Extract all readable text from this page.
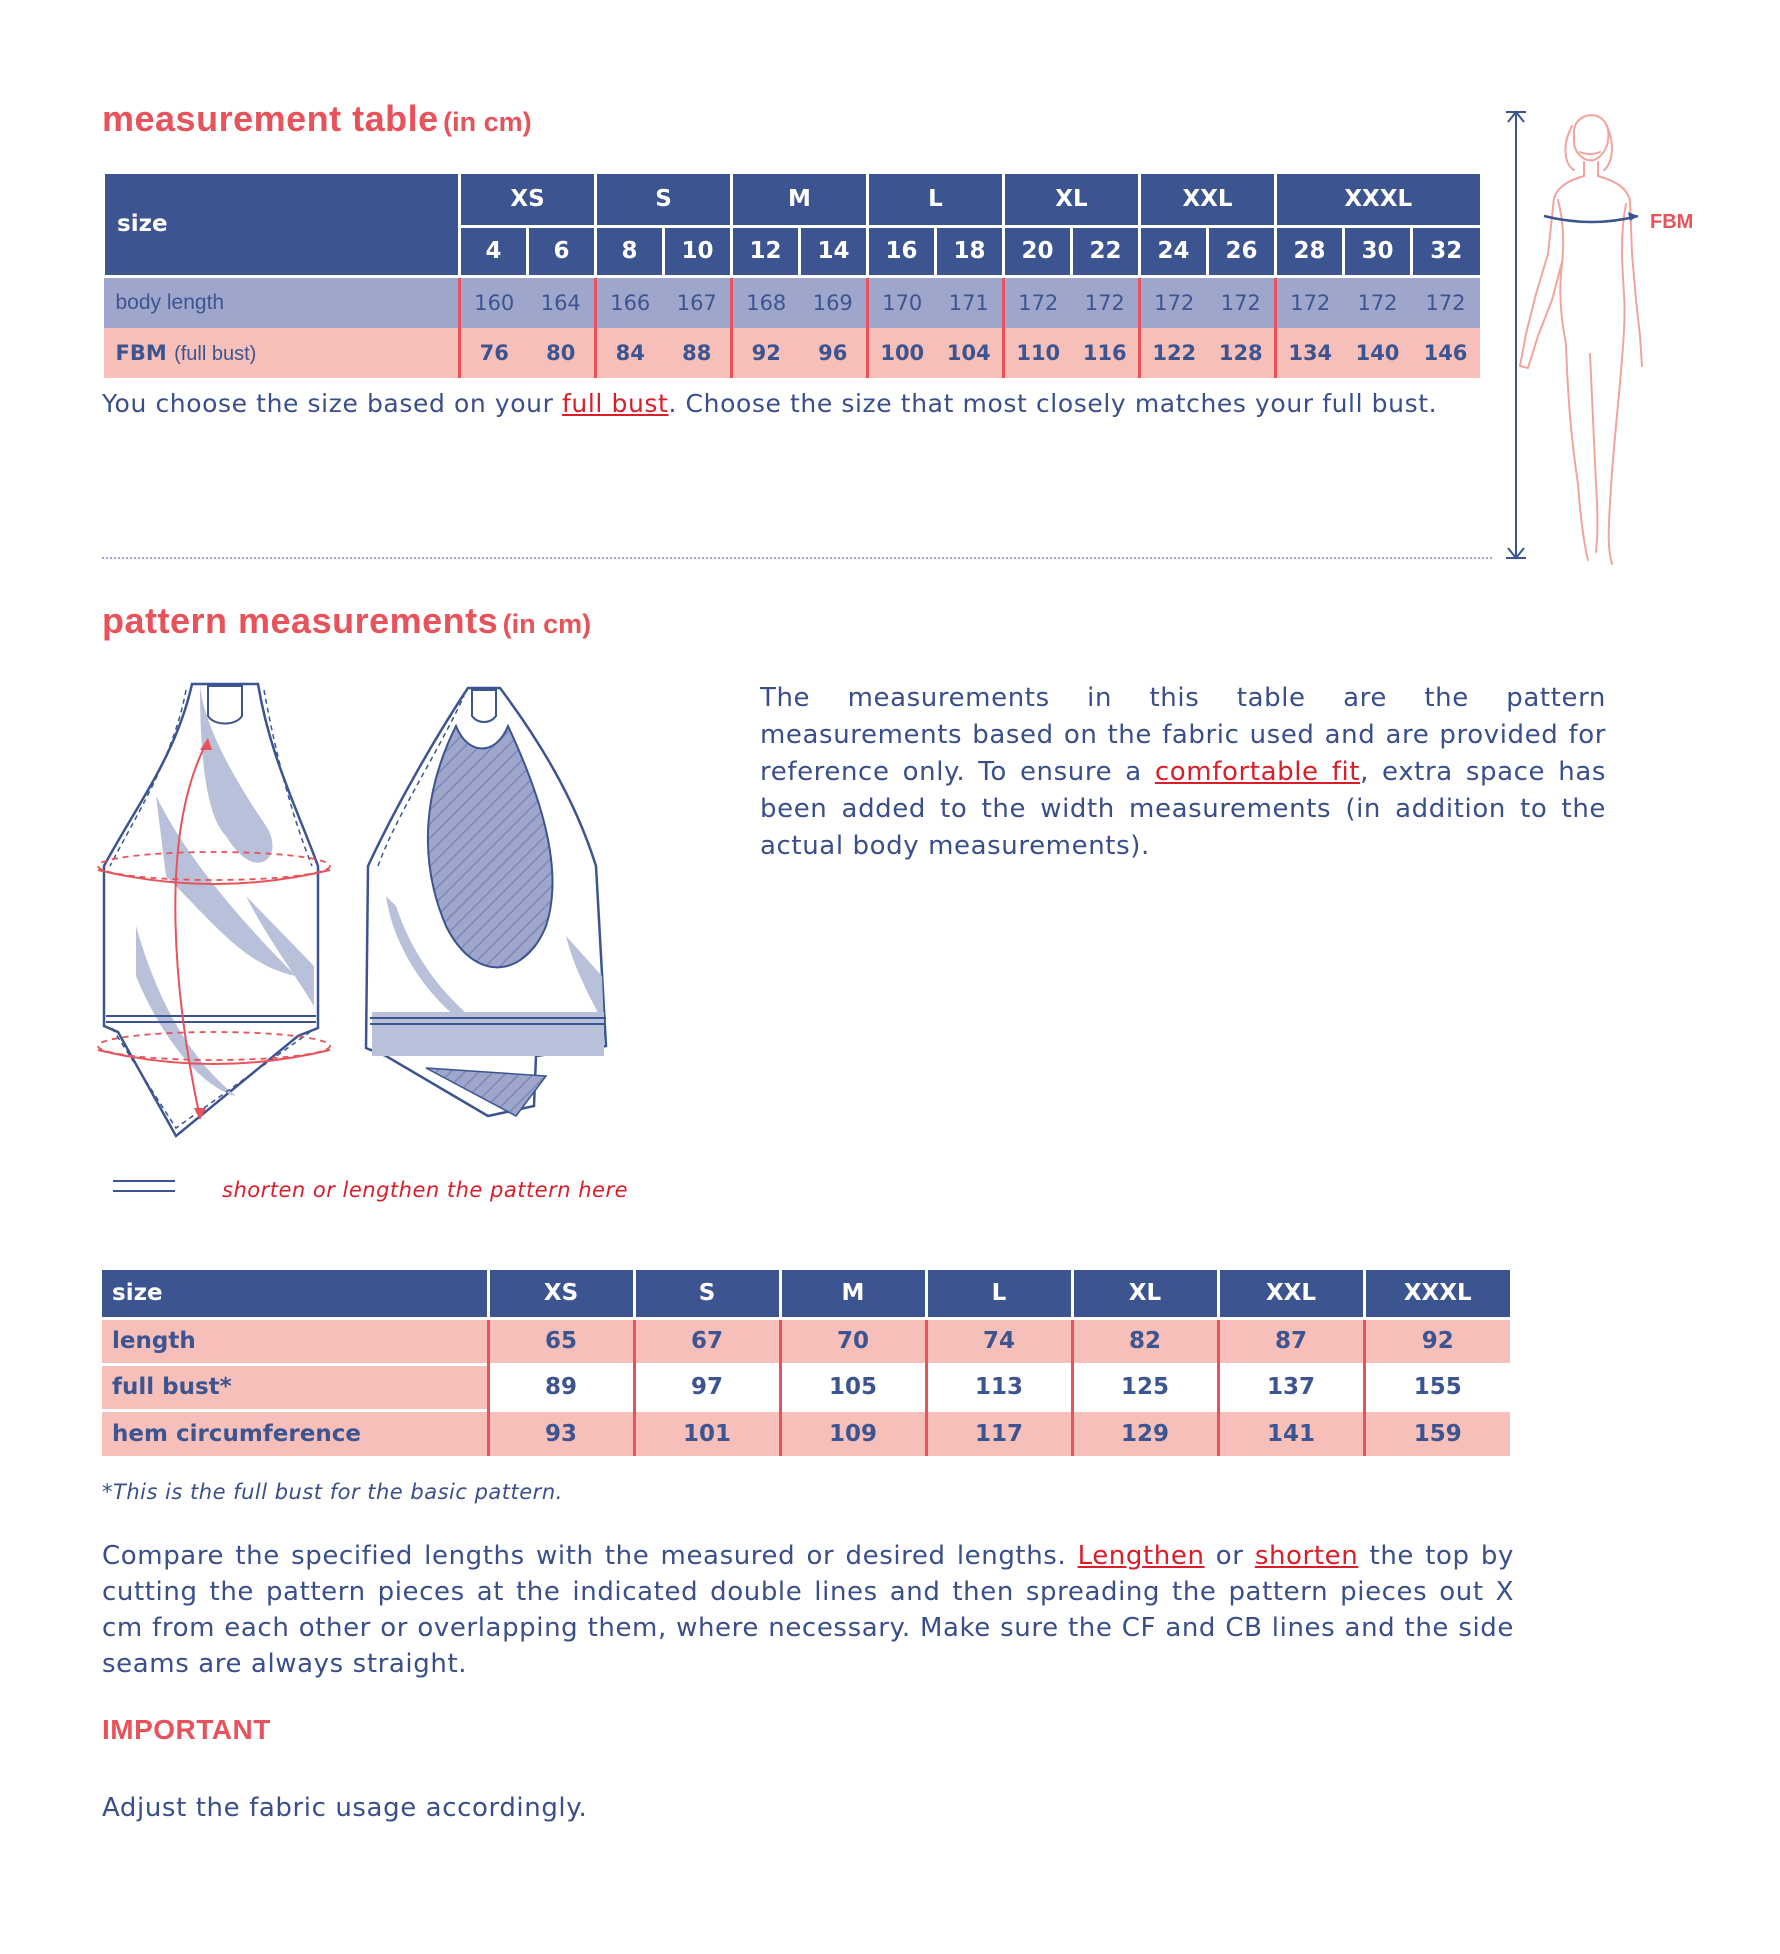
measurement table (in cm)
size	XS		S		M		L		XL		XXL		XXXL		
	4	6	8	10	12	14	16	18	20	22	24	26	28	30	32
body length	160	164	166	167	168	169	170	171	172	172	172	172	172	172	172
FBM (full bust)	76	80	84	88	92	96	100	104	110	116	122	128	134	140	146
You choose the size based on your full bust. Choose the size that most closely matches your full bust.
FBM
pattern measurements (in cm)
The measurements in this table are the pattern measurements based on the fabric used and are provided for reference only. To ensure a comfortable fit, extra space has been added to the width measurements (in addition to the actual body measurements).
shorten or lengthen the pattern here
size	XS	S	M	L	XL	XXL	XXXL
length	65	67	70	74	82	87	92
full bust*	89	97	105	113	125	137	155
hem circumference	93	101	109	117	129	141	159
*This is the full bust for the basic pattern.
Compare the specified lengths with the measured or desired lengths. Lengthen or shorten the top by cutting the pattern pieces at the indicated double lines and then spreading the pattern pieces out X cm from each other or overlapping them, where necessary. Make sure the CF and CB lines and the side seams are always straight.
IMPORTANT
Adjust the fabric usage accordingly.
